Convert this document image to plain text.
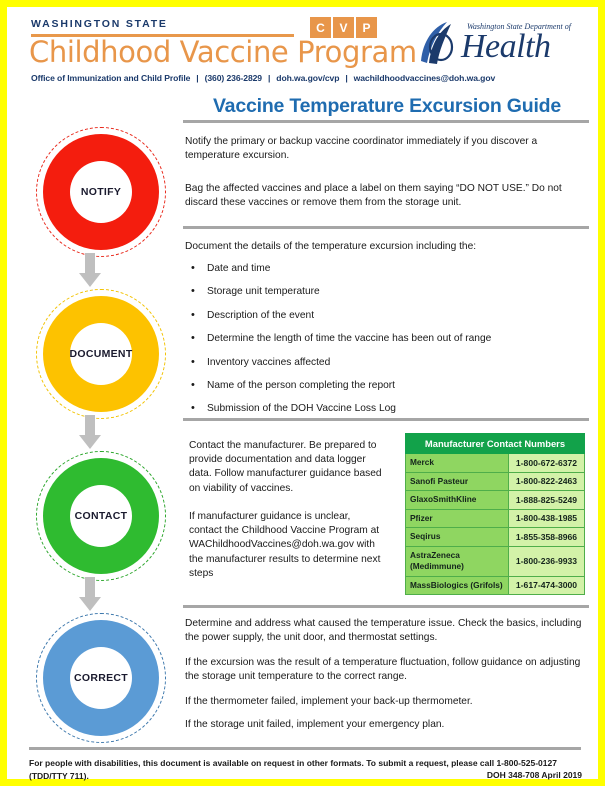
WASHINGTON STATE	C	V	P
Childhood Vaccine Program
Office of Immunization and Child Profile | (360) 236-2829 | doh.wa.gov/cvp | wachildhoodvaccines@doh.wa.gov
Washington State Department of
Health
Vaccine Temperature Excursion Guide
NOTIFY
DOCUMENT
CONTACT
CORRECT
Notify the primary or backup vaccine coordinator immediately if you discover a temperature excursion.
Bag the affected vaccines and place a label on them saying “DO NOT USE.” Do not discard these vaccines or remove them from the storage unit.
Document the details of the temperature excursion including the:
• Date and time
• Storage unit temperature
• Description of the event
• Determine the length of time the vaccine has been out of range
• Inventory vaccines affected
• Name of the person completing the report
• Submission of the DOH Vaccine Loss Log
Contact the manufacturer. Be prepared to provide documentation and data logger data. Follow manufacturer guidance based on viability of vaccines.
If manufacturer guidance is unclear, contact the Childhood Vaccine Program at WAChildhoodVaccines@doh.wa.gov with the manufacturer results to determine next steps
Manufacturer Contact Numbers	
Merck	1-800-672-6372
Sanofi Pasteur	1-800-822-2463
GlaxoSmithKline	1-888-825-5249
Pfizer	1-800-438-1985
Seqirus	1-855-358-8966
AstraZeneca (Medimmune)	1-800-236-9933
MassBiologics (Grifols)	1-617-474-3000
Determine and address what caused the temperature issue. Check the basics, including the power supply, the unit door, and thermostat settings.
If the excursion was the result of a temperature fluctuation, follow guidance on adjusting the storage unit temperature to the correct range.
If the thermometer failed, implement your back-up thermometer.
If the storage unit failed, implement your emergency plan.
For people with disabilities, this document is available on request in other formats. To submit a request, please call 1-800-525-0127 (TDD/TTY 711).	DOH 348-708 April 2019
